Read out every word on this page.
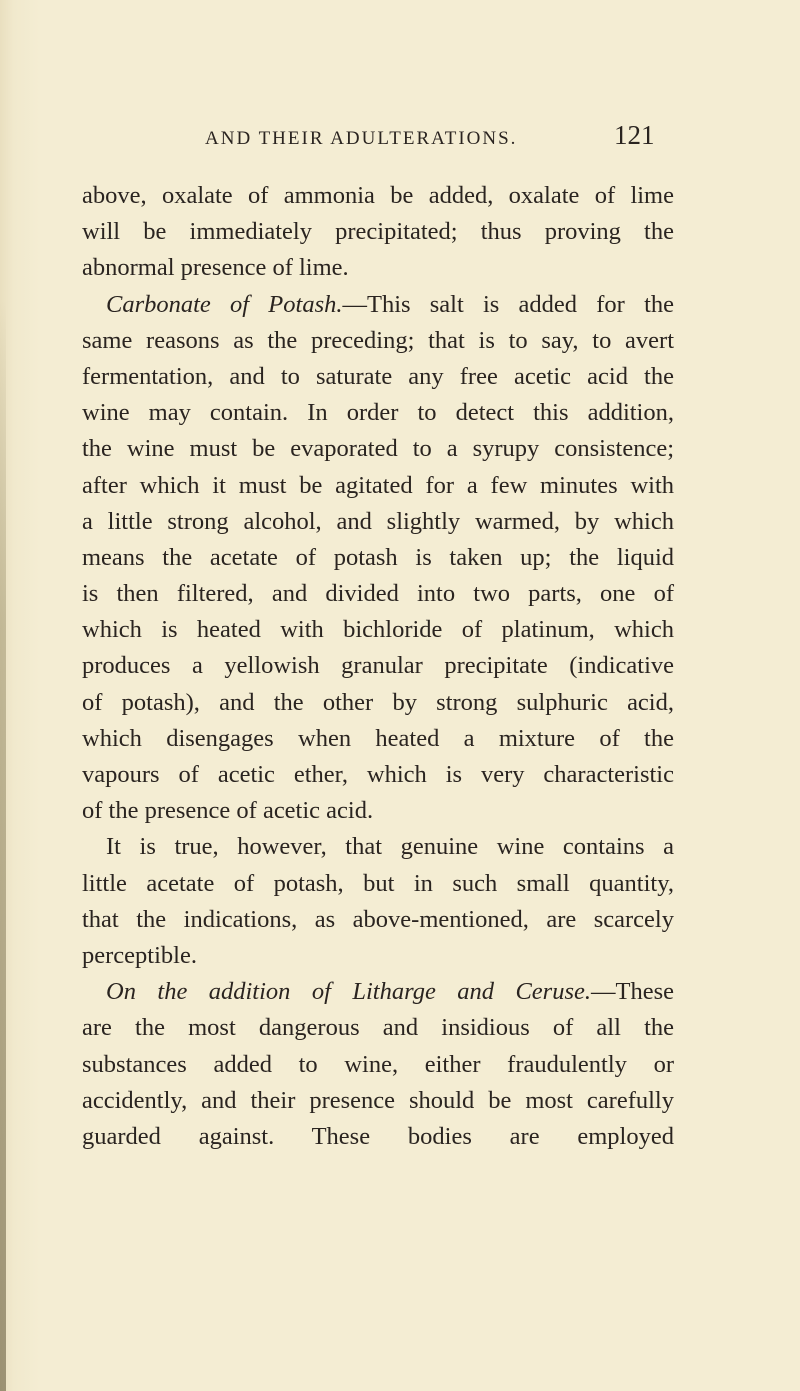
AND THEIR ADULTERATIONS.	121
above, oxalate of ammonia be added, oxalate of lime
will be immediately precipitated; thus proving the
abnormal presence of lime.
Carbonate of Potash.—This salt is added for the
same reasons as the preceding; that is to say, to avert
fermentation, and to saturate any free acetic acid the
wine may contain. In order to detect this addition,
the wine must be evaporated to a syrupy consistence;
after which it must be agitated for a few minutes with
a little strong alcohol, and slightly warmed, by which
means the acetate of potash is taken up; the liquid
is then filtered, and divided into two parts, one of
which is heated with bichloride of platinum, which
produces a yellowish granular precipitate (indicative
of potash), and the other by strong sulphuric acid,
which disengages when heated a mixture of the
vapours of acetic ether, which is very characteristic
of the presence of acetic acid.
It is true, however, that genuine wine contains a
little acetate of potash, but in such small quantity,
that the indications, as above-mentioned, are scarcely
perceptible.
On the addition of Litharge and Ceruse.—These
are the most dangerous and insidious of all the
substances added to wine, either fraudulently or
accidently, and their presence should be most carefully
guarded against. These bodies are employed
